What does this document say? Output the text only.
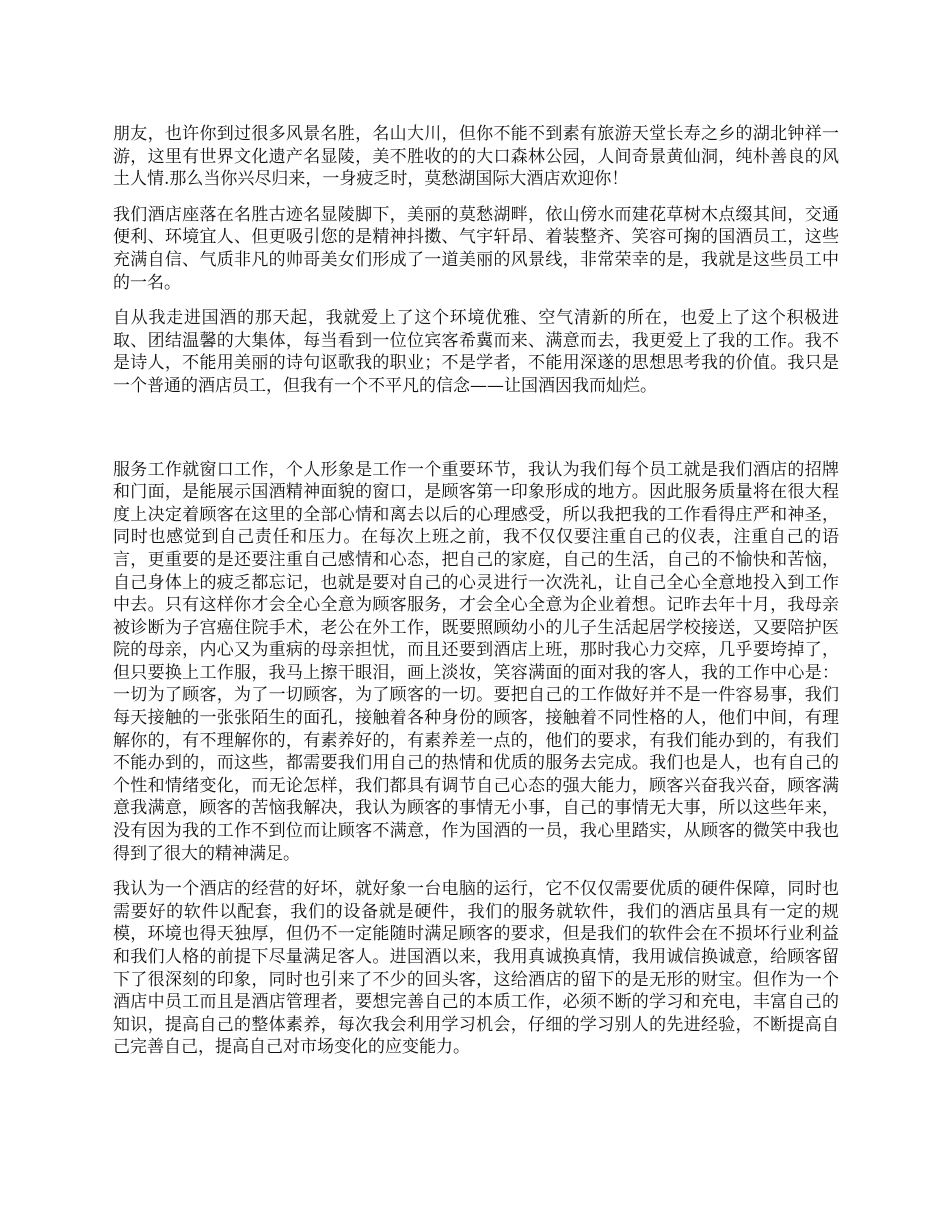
朋友，也许你到过很多风景名胜，名山大川，但你不能不到素有旅游天堂长寿之乡的湖北钟祥一游，这里有世界文化遗产名显陵，美不胜收的的大口森林公园，人间奇景黄仙洞，纯朴善良的风土人情.那么当你兴尽归来，一身疲乏时，莫愁湖国际大酒店欢迎你！

我们酒店座落在名胜古迹名显陵脚下，美丽的莫愁湖畔，依山傍水而建花草树木点缀其间，交通便利、环境宜人、但更吸引您的是精神抖擞、气宇轩昂、着装整齐、笑容可掬的国酒员工，这些充满自信、气质非凡的帅哥美女们形成了一道美丽的风景线，非常荣幸的是，我就是这些员工中的一名。

自从我走进国酒的那天起，我就爱上了这个环境优雅、空气清新的所在，也爱上了这个积极进取、团结温馨的大集体，每当看到一位位宾客希冀而来、满意而去，我更爱上了我的工作。我不是诗人，不能用美丽的诗句讴歌我的职业；不是学者，不能用深遂的思想思考我的价值。我只是一个普通的酒店员工，但我有一个不平凡的信念——让国酒因我而灿烂。

服务工作就窗口工作，个人形象是工作一个重要环节，我认为我们每个员工就是我们酒店的招牌和门面，是能展示国酒精神面貌的窗口，是顾客第一印象形成的地方。因此服务质量将在很大程度上决定着顾客在这里的全部心情和离去以后的心理感受，所以我把我的工作看得庄严和神圣，同时也感觉到自己责任和压力。在每次上班之前，我不仅仅要注重自己的仪表，注重自己的语言，更重要的是还要注重自己感情和心态，把自己的家庭，自己的生活，自己的不愉快和苦恼，自己身体上的疲乏都忘记，也就是要对自己的心灵进行一次洗礼，让自己全心全意地投入到工作中去。只有这样你才会全心全意为顾客服务，才会全心全意为企业着想。记昨去年十月，我母亲被诊断为子宫癌住院手术，老公在外工作，既要照顾幼小的儿子生活起居学校接送，又要陪护医院的母亲，内心又为重病的母亲担忧，而且还要到酒店上班，那时我心力交瘁，几乎要垮掉了，但只要换上工作服，我马上擦干眼泪，画上淡妆，笑容满面的面对我的客人，我的工作中心是：一切为了顾客，为了一切顾客，为了顾客的一切。要把自己的工作做好并不是一件容易事，我们每天接触的一张张陌生的面孔，接触着各种身份的顾客，接触着不同性格的人，他们中间，有理解你的，有不理解你的，有素养好的，有素养差一点的，他们的要求，有我们能办到的，有我们不能办到的，而这些，都需要我们用自己的热情和优质的服务去完成。我们也是人，也有自己的个性和情绪变化，而无论怎样，我们都具有调节自己心态的强大能力，顾客兴奋我兴奋，顾客满意我满意，顾客的苦恼我解决，我认为顾客的事情无小事，自己的事情无大事，所以这些年来，没有因为我的工作不到位而让顾客不满意，作为国酒的一员，我心里踏实，从顾客的微笑中我也得到了很大的精神满足。

我认为一个酒店的经营的好坏，就好象一台电脑的运行，它不仅仅需要优质的硬件保障，同时也需要好的软件以配套，我们的设备就是硬件，我们的服务就软件，我们的酒店虽具有一定的规模，环境也得天独厚，但仍不一定能随时满足顾客的要求，但是我们的软件会在不损坏行业利益和我们人格的前提下尽量满足客人。进国酒以来，我用真诚换真情，我用诚信换诚意，给顾客留下了很深刻的印象，同时也引来了不少的回头客，这给酒店的留下的是无形的财宝。但作为一个酒店中员工而且是酒店管理者，要想完善自己的本质工作，必须不断的学习和充电，丰富自己的知识，提高自己的整体素养，每次我会利用学习机会，仔细的学习别人的先进经验，不断提高自己完善自己，提高自己对市场变化的应变能力。
